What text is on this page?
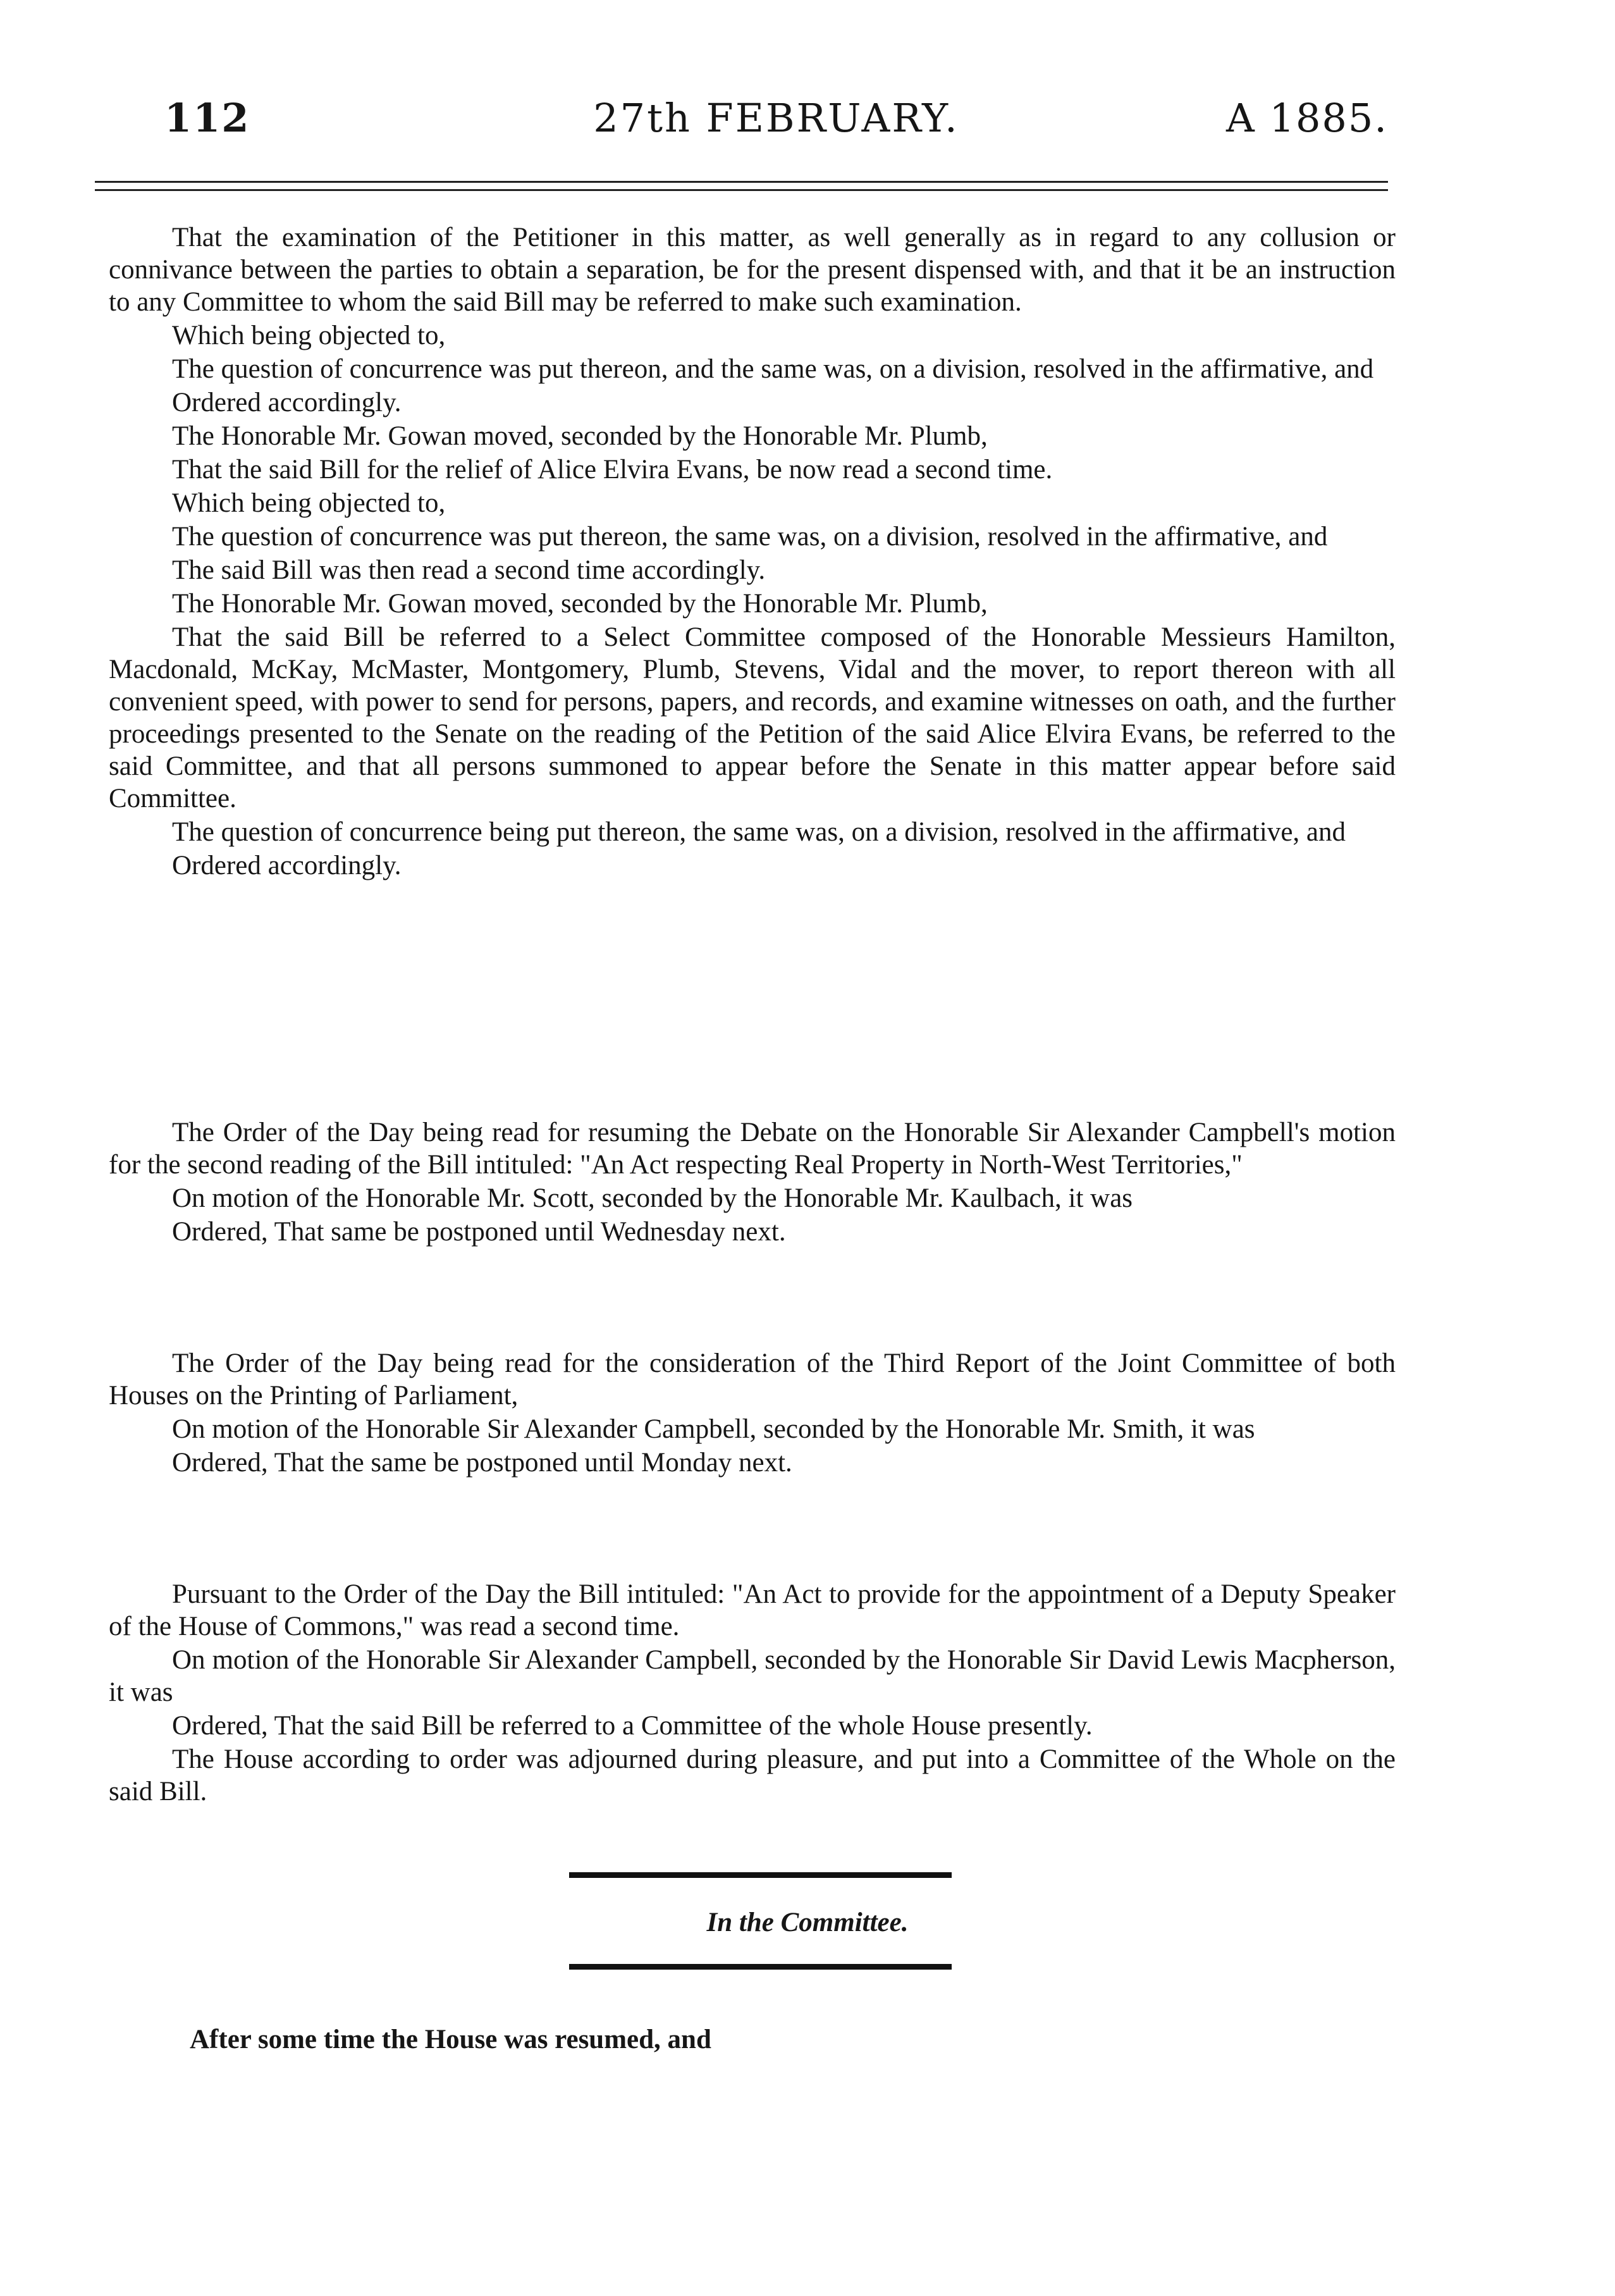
112	27th FEBRUARY.	A 1885.

That the examination of the Petitioner in this matter, as well generally as in regard to any collusion or connivance between the parties to obtain a separation, be for the present dispensed with, and that it be an instruction to any Committee to whom the said Bill may be referred to make such examination.

Which being objected to,

The question of concurrence was put thereon, and the same was, on a division, resolved in the affirmative, and

Ordered accordingly.

The Honorable Mr. Gowan moved, seconded by the Honorable Mr. Plumb,

That the said Bill for the relief of Alice Elvira Evans, be now read a second time.

Which being objected to,

The question of concurrence was put thereon, the same was, on a division, resolved in the affirmative, and

The said Bill was then read a second time accordingly.

The Honorable Mr. Gowan moved, seconded by the Honorable Mr. Plumb,

That the said Bill be referred to a Select Committee composed of the Honorable Messieurs Hamilton, Macdonald, McKay, McMaster, Montgomery, Plumb, Stevens, Vidal and the mover, to report thereon with all convenient speed, with power to send for persons, papers, and records, and examine witnesses on oath, and the further proceedings presented to the Senate on the reading of the Petition of the said Alice Elvira Evans, be referred to the said Committee, and that all persons summoned to appear before the Senate in this matter appear before said Committee.

The question of concurrence being put thereon, the same was, on a division, resolved in the affirmative, and

Ordered accordingly.

The Order of the Day being read for resuming the Debate on the Honorable Sir Alexander Campbell's motion for the second reading of the Bill intituled: "An Act respecting Real Property in North-West Territories,"

On motion of the Honorable Mr. Scott, seconded by the Honorable Mr. Kaulbach, it was

Ordered, That same be postponed until Wednesday next.

The Order of the Day being read for the consideration of the Third Report of the Joint Committee of both Houses on the Printing of Parliament,

On motion of the Honorable Sir Alexander Campbell, seconded by the Honorable Mr. Smith, it was

Ordered, That the same be postponed until Monday next.

Pursuant to the Order of the Day the Bill intituled: "An Act to provide for the appointment of a Deputy Speaker of the House of Commons," was read a second time.

On motion of the Honorable Sir Alexander Campbell, seconded by the Honorable Sir David Lewis Macpherson, it was

Ordered, That the said Bill be referred to a Committee of the whole House presently.

The House according to order was adjourned during pleasure, and put into a Committee of the Whole on the said Bill.

In the Committee.
After some time the House was resumed, and
